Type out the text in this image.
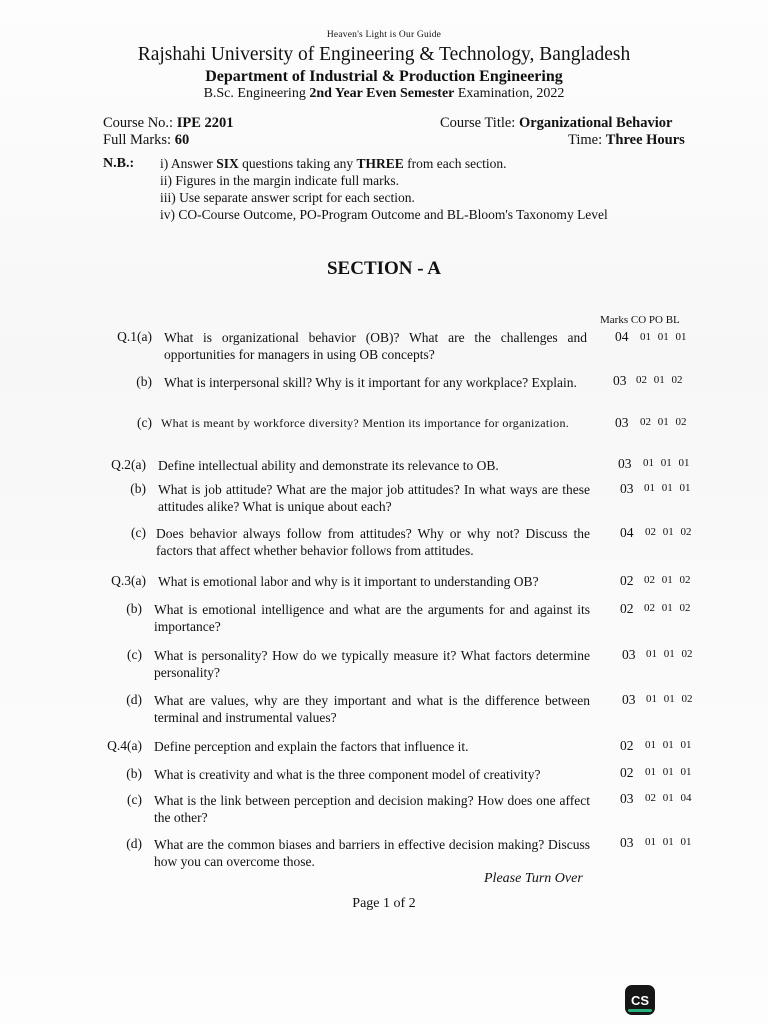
Heaven's Light is Our Guide
Rajshahi University of Engineering & Technology, Bangladesh
Department of Industrial & Production Engineering
B.Sc. Engineering 2nd Year Even Semester Examination, 2022
Course No.: IPE 2201
Full Marks: 60
Course Title: Organizational Behavior
Time: Three Hours
N.B.: i) Answer SIX questions taking any THREE from each section.
ii) Figures in the margin indicate full marks.
iii) Use separate answer script for each section.
iv) CO-Course Outcome, PO-Program Outcome and BL-Bloom's Taxonomy Level
SECTION - A
Marks CO PO BL
Q.1(a) What is organizational behavior (OB)? What are the challenges and opportunities for managers in using OB concepts?
04 01 01 01
(b) What is interpersonal skill? Why is it important for any workplace? Explain.	03 02 01 02
(c) What is meant by workforce diversity? Mention its importance for organization.	03 02 01 02
Q.2(a) Define intellectual ability and demonstrate its relevance to OB.	03 01 01 01
(b) What is job attitude? What are the major job attitudes? In what ways are these attitudes alike? What is unique about each?
03 01 01 01
(c) Does behavior always follow from attitudes? Why or why not? Discuss the factors that affect whether behavior follows from attitudes.
04 02 01 02
Q.3(a) What is emotional labor and why is it important to understanding OB?	02 02 01 02
(b) What is emotional intelligence and what are the arguments for and against its importance?
02 02 01 02
(c) What is personality? How do we typically measure it? What factors determine personality?
03 01 01 02
(d) What are values, why are they important and what is the difference between terminal and instrumental values?
03 01 01 02
Q.4(a) Define perception and explain the factors that influence it.	02 01 01 01
(b) What is creativity and what is the three component model of creativity?	02 01 01 01
(c) What is the link between perception and decision making? How does one affect the other?
03 02 01 04
(d) What are the common biases and barriers in effective decision making? Discuss how you can overcome those.
03 01 01 01
Please Turn Over
Page 1 of 2
CS
